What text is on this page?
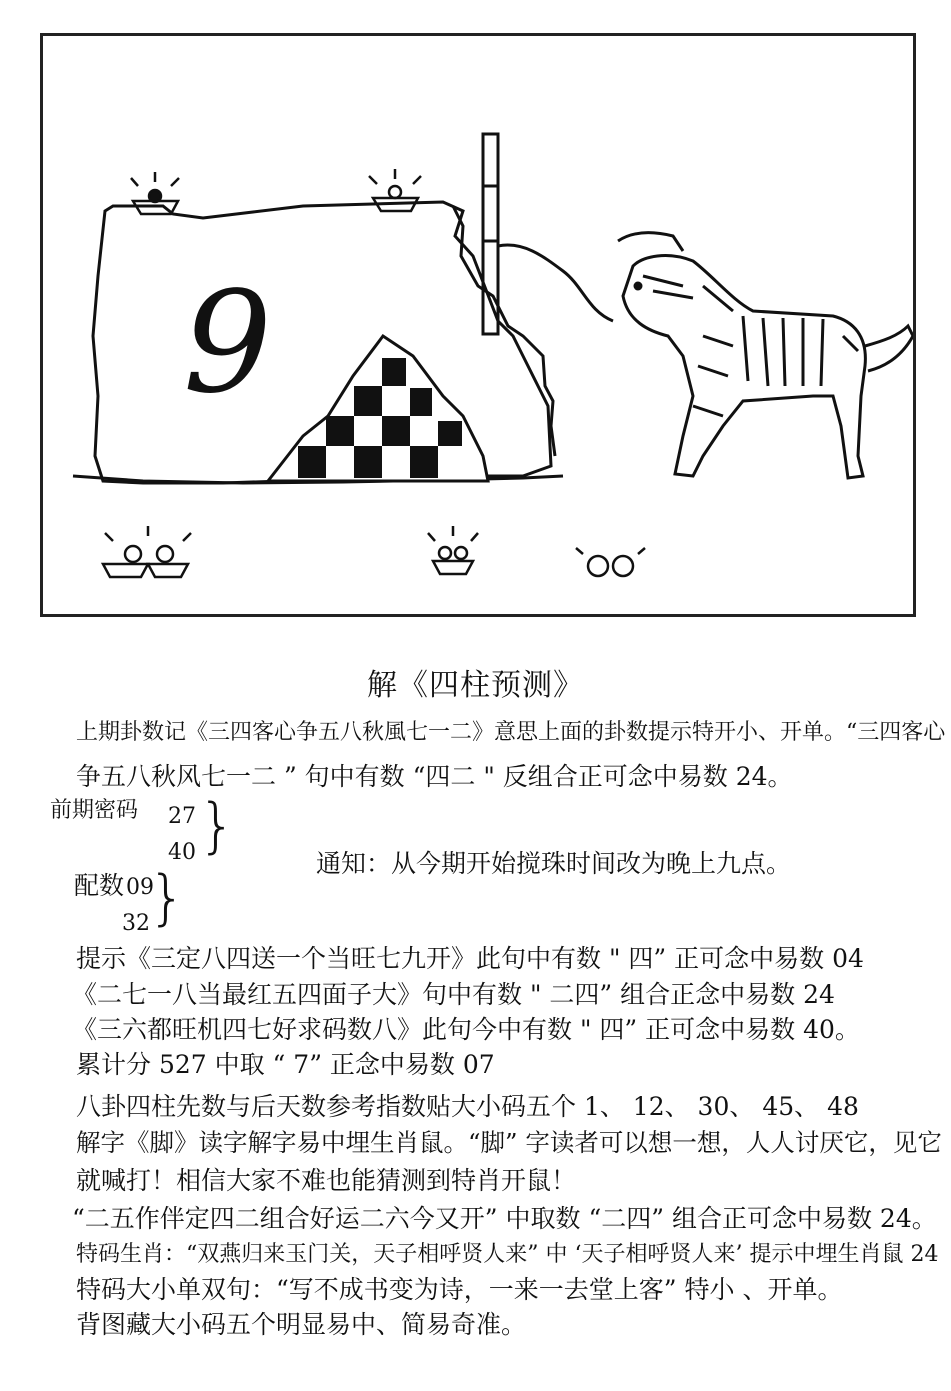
9
解《四柱预测》
上期卦数记《三四客心争五八秋風七一二》意思上面的卦数提示特开小、开单。“三四客心
争五八秋风七一二 ” 句中有数 “四二 " 反组合正可念中易数 24。
前期密码 27
40 }
通知：从今期开始搅珠时间改为晚上九点。
配数 09
32
}
提示《三定八四送一个当旺七九开》此句中有数 " 四” 正可念中易数 04
《二七一八当最红五四面子大》句中有数 " 二四” 组合正念中易数 24
《三六都旺机四七好求码数八》此句今中有数 " 四” 正可念中易数 40。
累计分 527 中取 “ 7” 正念中易数 07
八卦四柱先数与后天数参考指数贴大小码五个 1、 12、 30、 45、 48
解字《脚》读字解字易中埋生肖鼠。“脚” 字读者可以想一想，人人讨厌它，见它
就喊打！相信大家不难也能猜测到特肖开鼠！
“二五作伴定四二组合好运二六今又开” 中取数 “二四” 组合正可念中易数 24。
特码生肖：“双燕归来玉门关，天子相呼贤人来” 中 ‘天子相呼贤人来’ 提示中埋生肖鼠 24
特码大小单双句：“写不成书变为诗，一来一去堂上客” 特小 、开单。
背图藏大小码五个明显易中、简易奇准。
